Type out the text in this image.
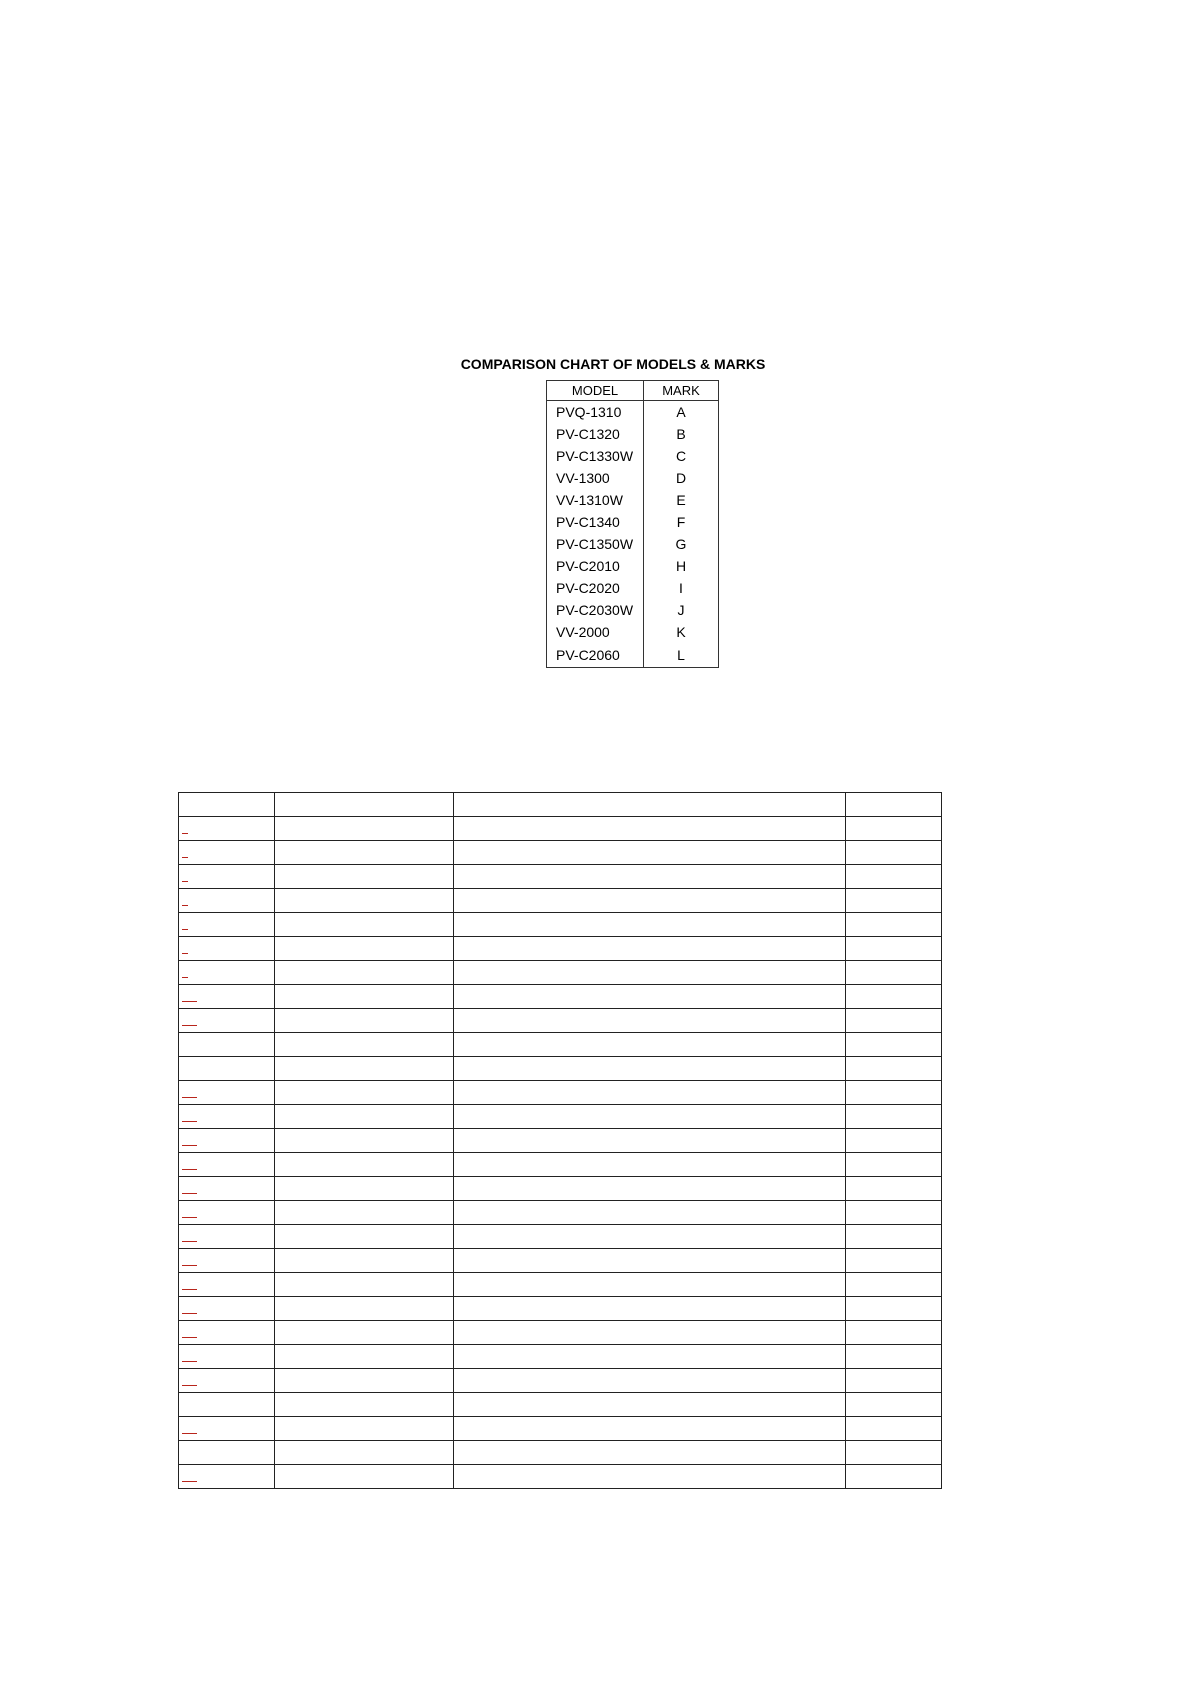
COMPARISON CHART OF MODELS & MARKS
MODEL	MARK
PVQ-1310	A
PV-C1320	B
PV-C1330W	C
VV-1300	D
VV-1310W	E
PV-C1340	F
PV-C1350W	G
PV-C2010	H
PV-C2020	I
PV-C2030W	J
VV-2000	K
PV-C2060	L
